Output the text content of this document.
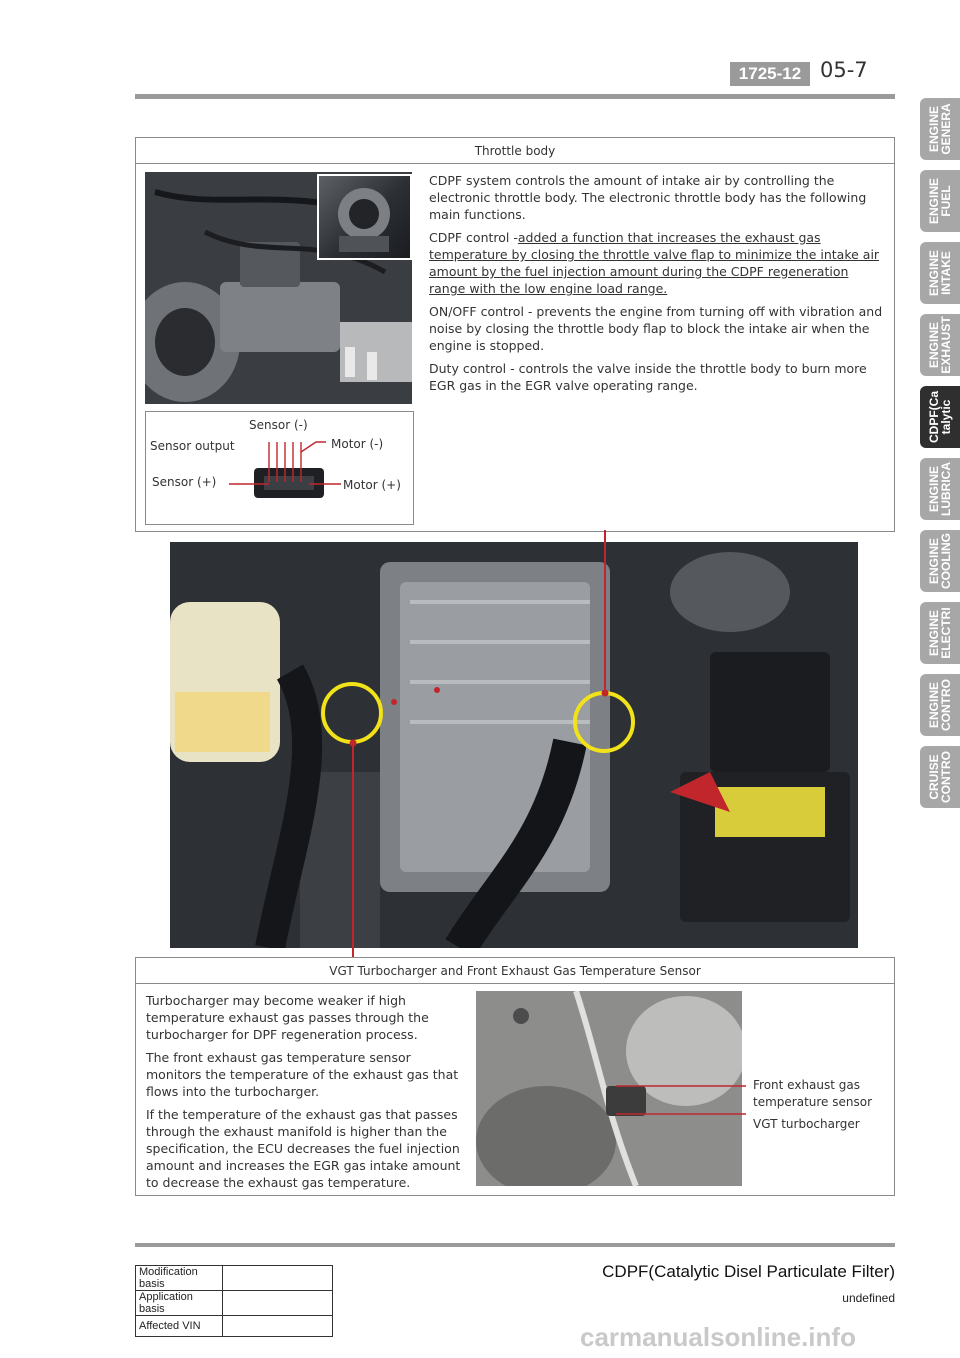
1725-12 05-7
ENGINE
GENERA
ENGINE
FUEL
ENGINE
INTAKE
ENGINE
EXHAUST
CDPF(Ca
talytic
ENGINE
LUBRICA
ENGINE
COOLING
ENGINE
ELECTRI
ENGINE
CONTRO
CRUISE
CONTRO
Throttle body
Sensor (-)
Sensor output	Motor (-)
Sensor (+)	Motor (+)

CDPF system controls the amount of intake air by controlling the electronic throttle body. The electronic throttle body has the following main functions.

CDPF control -added a function that increases the exhaust gas temperature by closing the throttle valve flap to minimize the intake air amount by the fuel injection amount during the CDPF regeneration range with the low engine load range.

ON/OFF control - prevents the engine from turning off with vibration and noise by closing the throttle body flap to block the intake air when the engine is stopped.

Duty control - controls the valve inside the throttle body to burn more EGR gas in the EGR valve operating range.

VGT Turbocharger and Front Exhaust Gas Temperature Sensor

Turbocharger may become weaker if high temperature exhaust gas passes through the turbocharger for DPF regeneration process.

The front exhaust gas temperature sensor monitors the temperature of the exhaust gas that flows into the turbocharger.

If the temperature of the exhaust gas that passes through the exhaust manifold is higher than the specification, the ECU decreases the fuel injection amount and increases the EGR gas intake amount to decrease the exhaust gas temperature.

Front exhaust gas temperature sensor
VGT turbocharger
CDPF(Catalytic Disel Particulate Filter)
undefined
Modification basis	
Application basis	
Affected VIN		carmanualsonline.info
